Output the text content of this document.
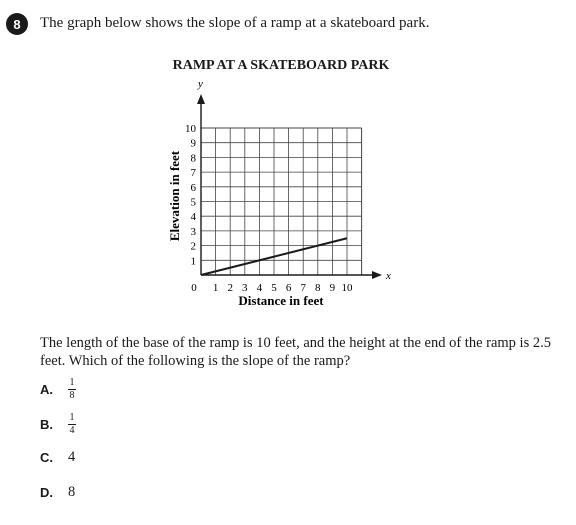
8	The graph below shows the slope of a ramp at a skateboard park.
RAMP AT A SKATEBOARD PARK
x
y
0 1 2 3 4 5 6 7 8 9 10
1
2
3
4
5
6
7
8
9
10
Elevation in feet
Distance in feet
The length of the base of the ramp is 10 feet, and the height at the end of the ramp is 2.5 feet. Which of the following is the slope of the ramp?
A.	$\frac{1}{8}$
B.	$\frac{1}{4}$
C.	4
D.	8
